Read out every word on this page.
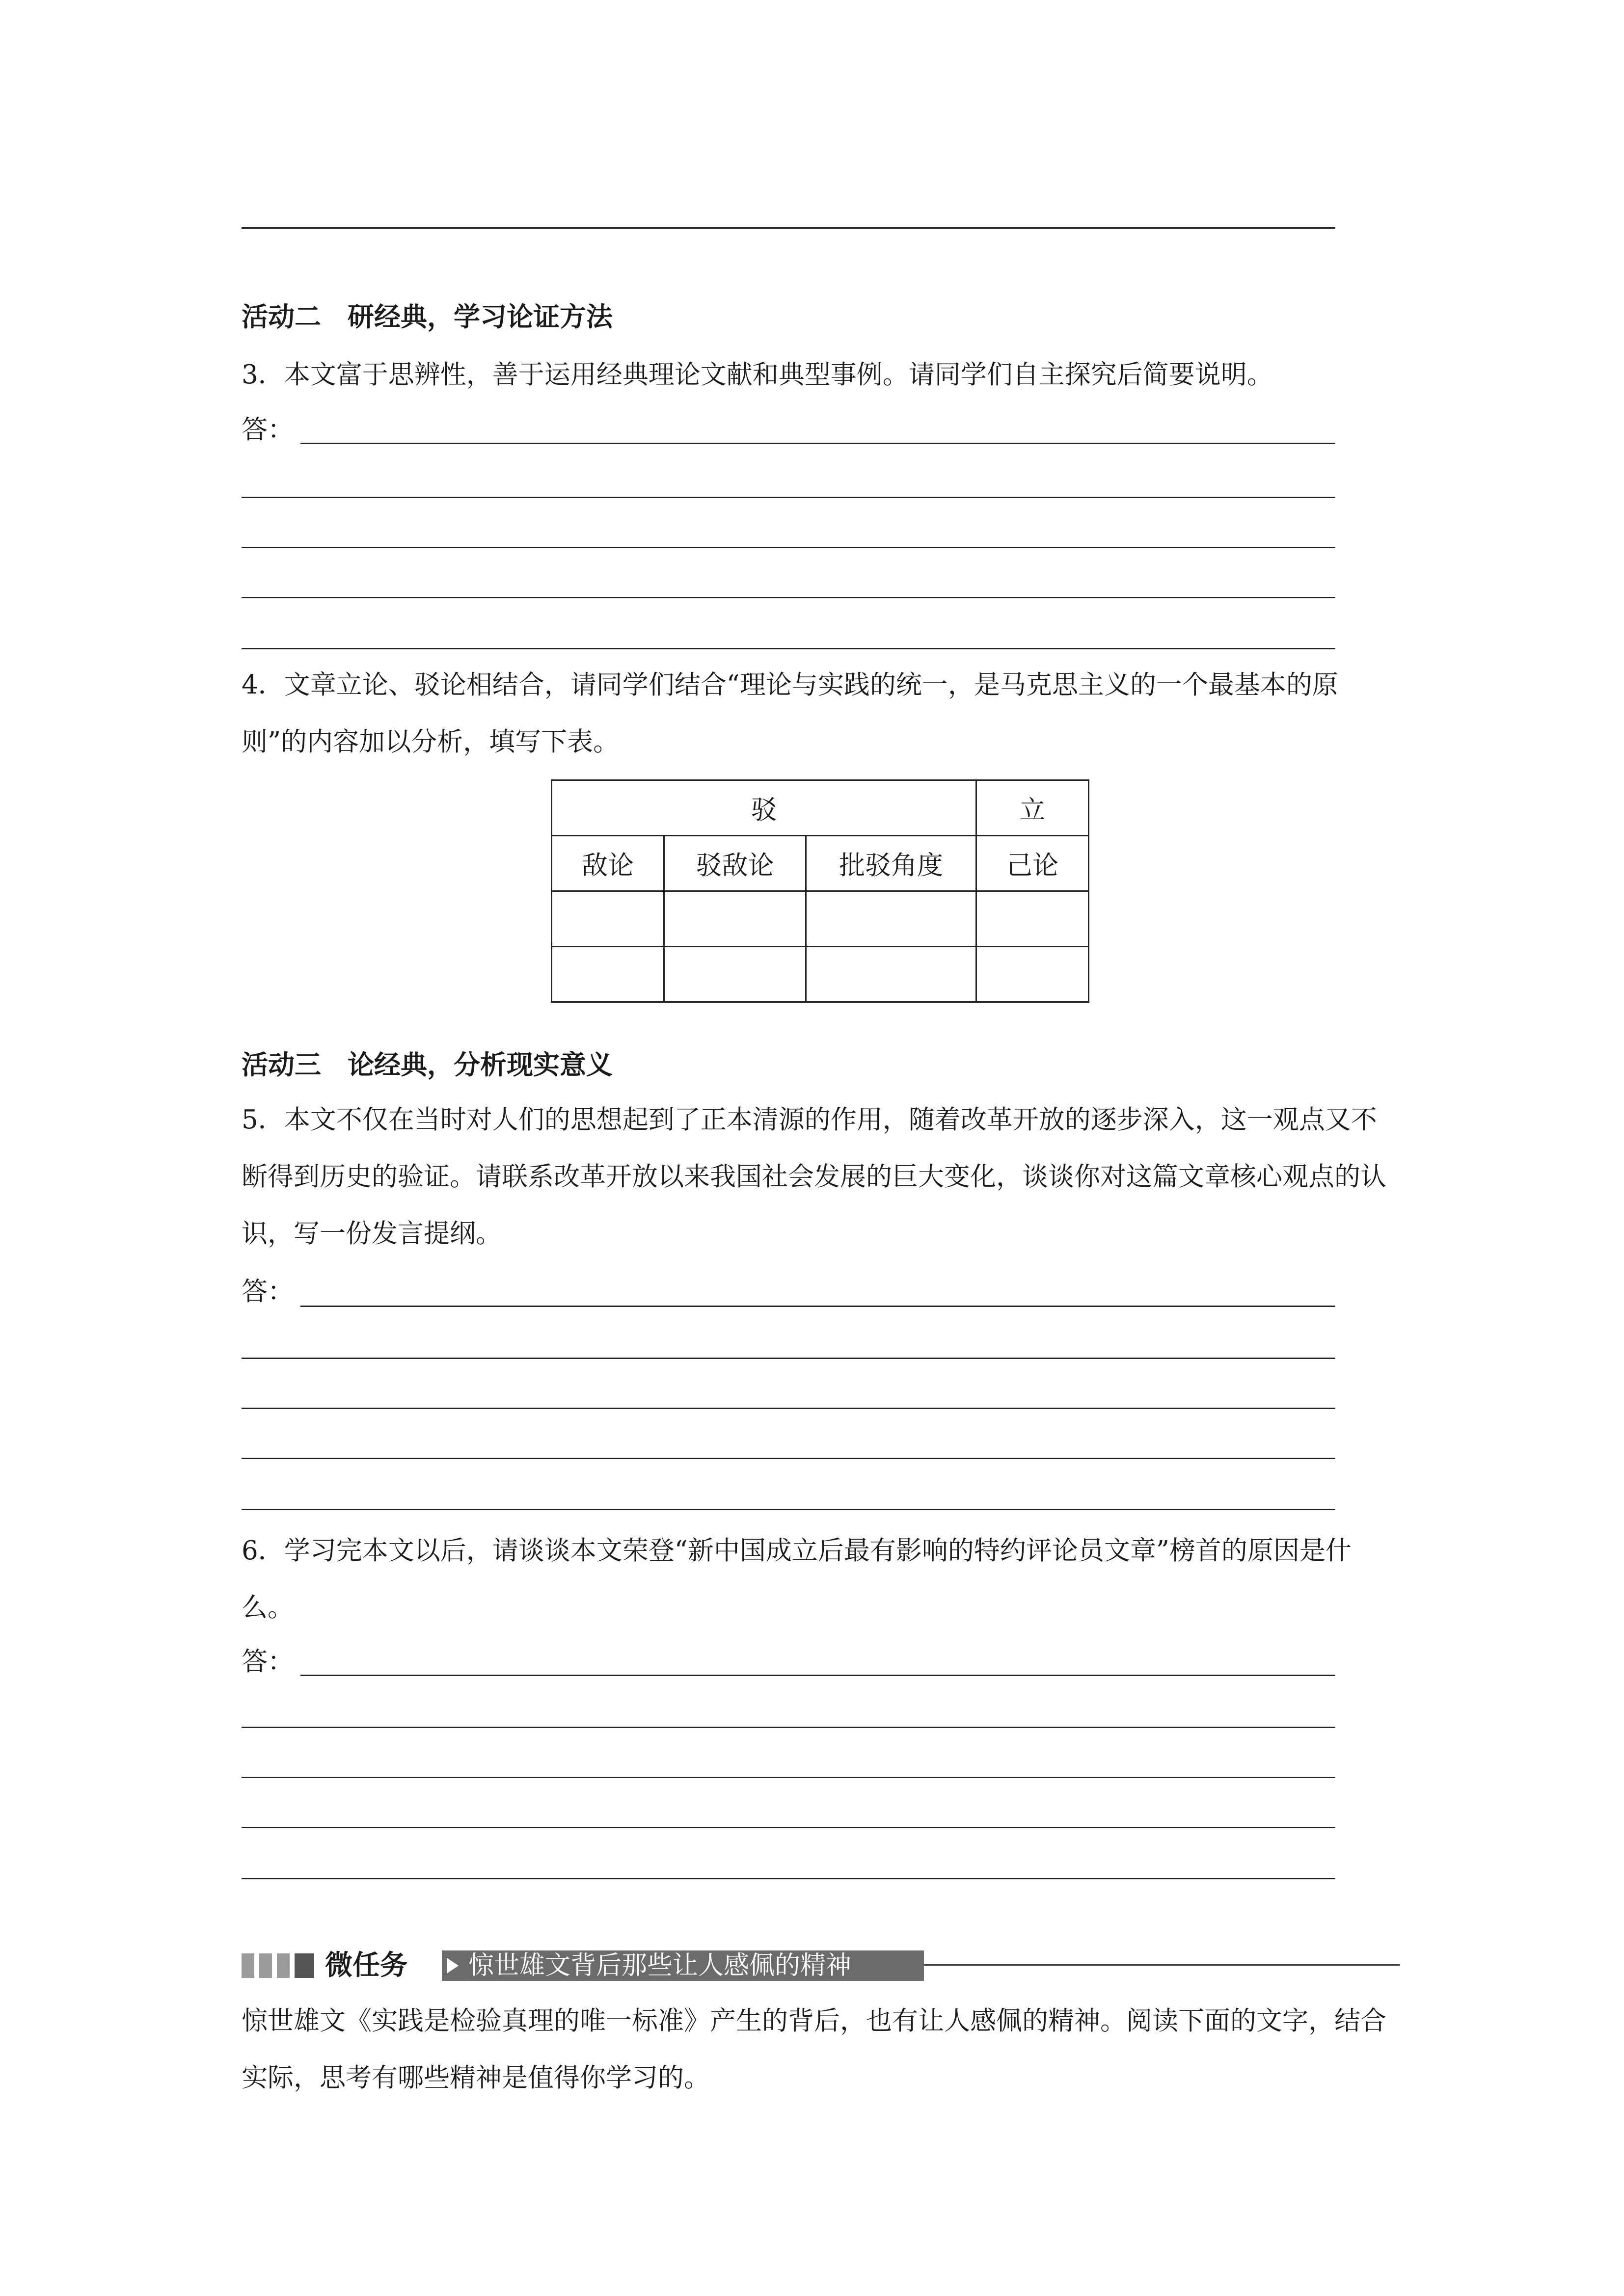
活动二　研经典，学习论证方法

3．本文富于思辨性，善于运用经典理论文献和典型事例。请同学们自主探究后简要说明。

答：

4．文章立论、驳论相结合，请同学们结合“理论与实践的统一，是马克思主义的一个最基本的原则”的内容加以分析，填写下表。

驳			立
敌论	驳敌论	批驳角度	己论

活动三　论经典，分析现实意义

5．本文不仅在当时对人们的思想起到了正本清源的作用，随着改革开放的逐步深入，这一观点又不断得到历史的验证。请联系改革开放以来我国社会发展的巨大变化，谈谈你对这篇文章核心观点的认识，写一份发言提纲。

答：

6．学习完本文以后，请谈谈本文荣登“新中国成立后最有影响的特约评论员文章”榜首的原因是什么。

答：
微任务	惊世雄文背后那些让人感佩的精神

惊世雄文《实践是检验真理的唯一标准》产生的背后，也有让人感佩的精神。阅读下面的文字，结合实际，思考有哪些精神是值得你学习的。
